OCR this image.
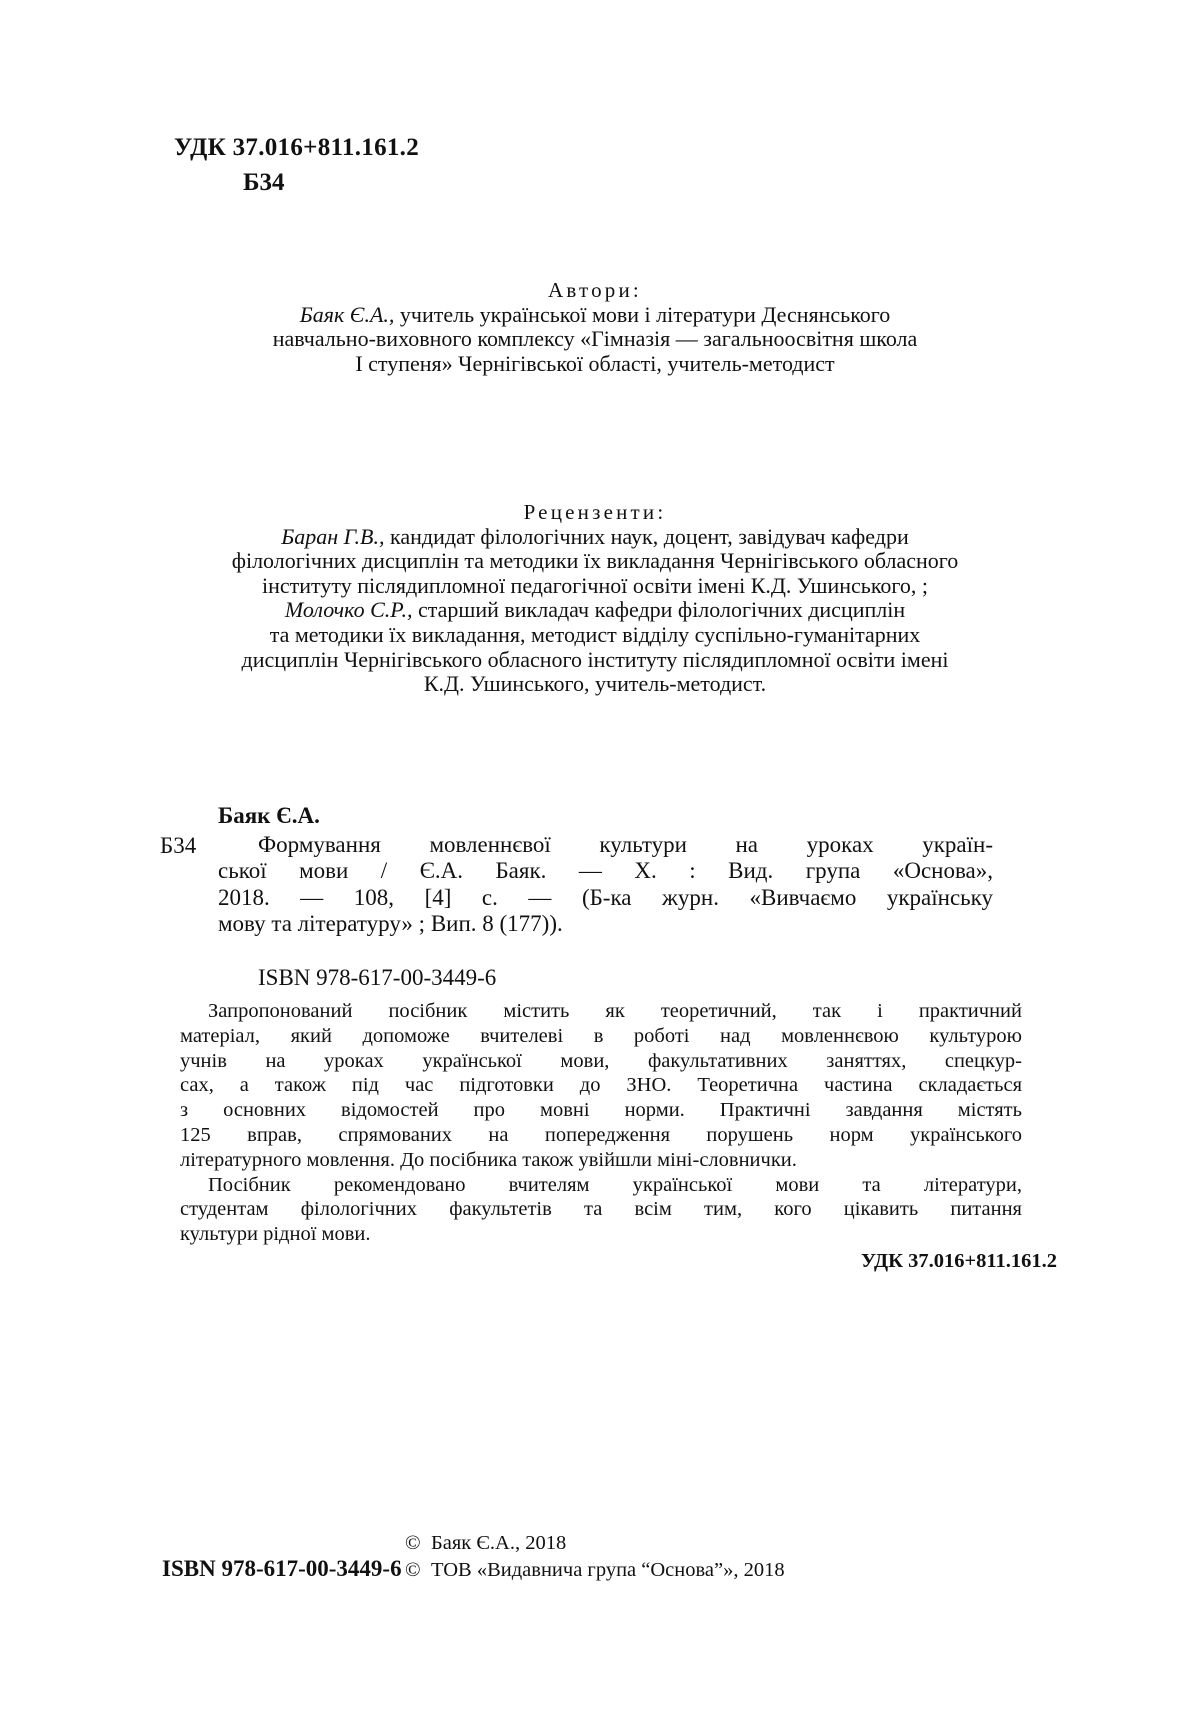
УДК 37.016+811.161.2
Б34
Автори:
Баяк Є.А., учитель української мови і літератури Деснянського
навчально-виховного комплексу «Гімназія — загальноосвітня школа
I ступеня» Чернігівської області, учитель-методист
Рецензенти:
Баран Г.В., кандидат філологічних наук, доцент, завідувач кафедри
філологічних дисциплін та методики їх викладання Чернігівського обласного
інституту післядипломної педагогічної освіти імені К.Д. Ушинського, ;
Молочко С.Р., старший викладач кафедри філологічних дисциплін
та методики їх викладання, методист відділу суспільно-гуманітарних
дисциплін Чернігівського обласного інституту післядипломної освіти імені
К.Д. Ушинського, учитель-методист.
Баяк Є.А.
Б34	Формування мовленнєвої культури на уроках україн-
ської мови / Є.А. Баяк. — Х. : Вид. група «Основа»,
2018. — 108, [4] с. — (Б-ка журн. «Вивчаємо українську
мову та літературу» ; Вип. 8 (177)).
ISBN 978-617-00-3449-6
Запропонований посібник містить як теоретичний, так і практичний
матеріал, який допоможе вчителеві в роботі над мовленнєвою культурою
учнів на уроках української мови, факультативних заняттях, спецкур-
сах, а також під час підготовки до ЗНО. Теоретична частина складається
з основних відомостей про мовні норми. Практичні завдання містять
125 вправ, спрямованих на попередження порушень норм українського
літературного мовлення. До посібника також увійшли міні-словнички.
Посібник рекомендовано вчителям української мови та літератури,
студентам філологічних факультетів та всім тим, кого цікавить питання
культури рідної мови.
УДК 37.016+811.161.2
© Баяк Є.А., 2018
ISBN 978-617-00-3449-6 © ТОВ «Видавнича група “Основа”», 2018
